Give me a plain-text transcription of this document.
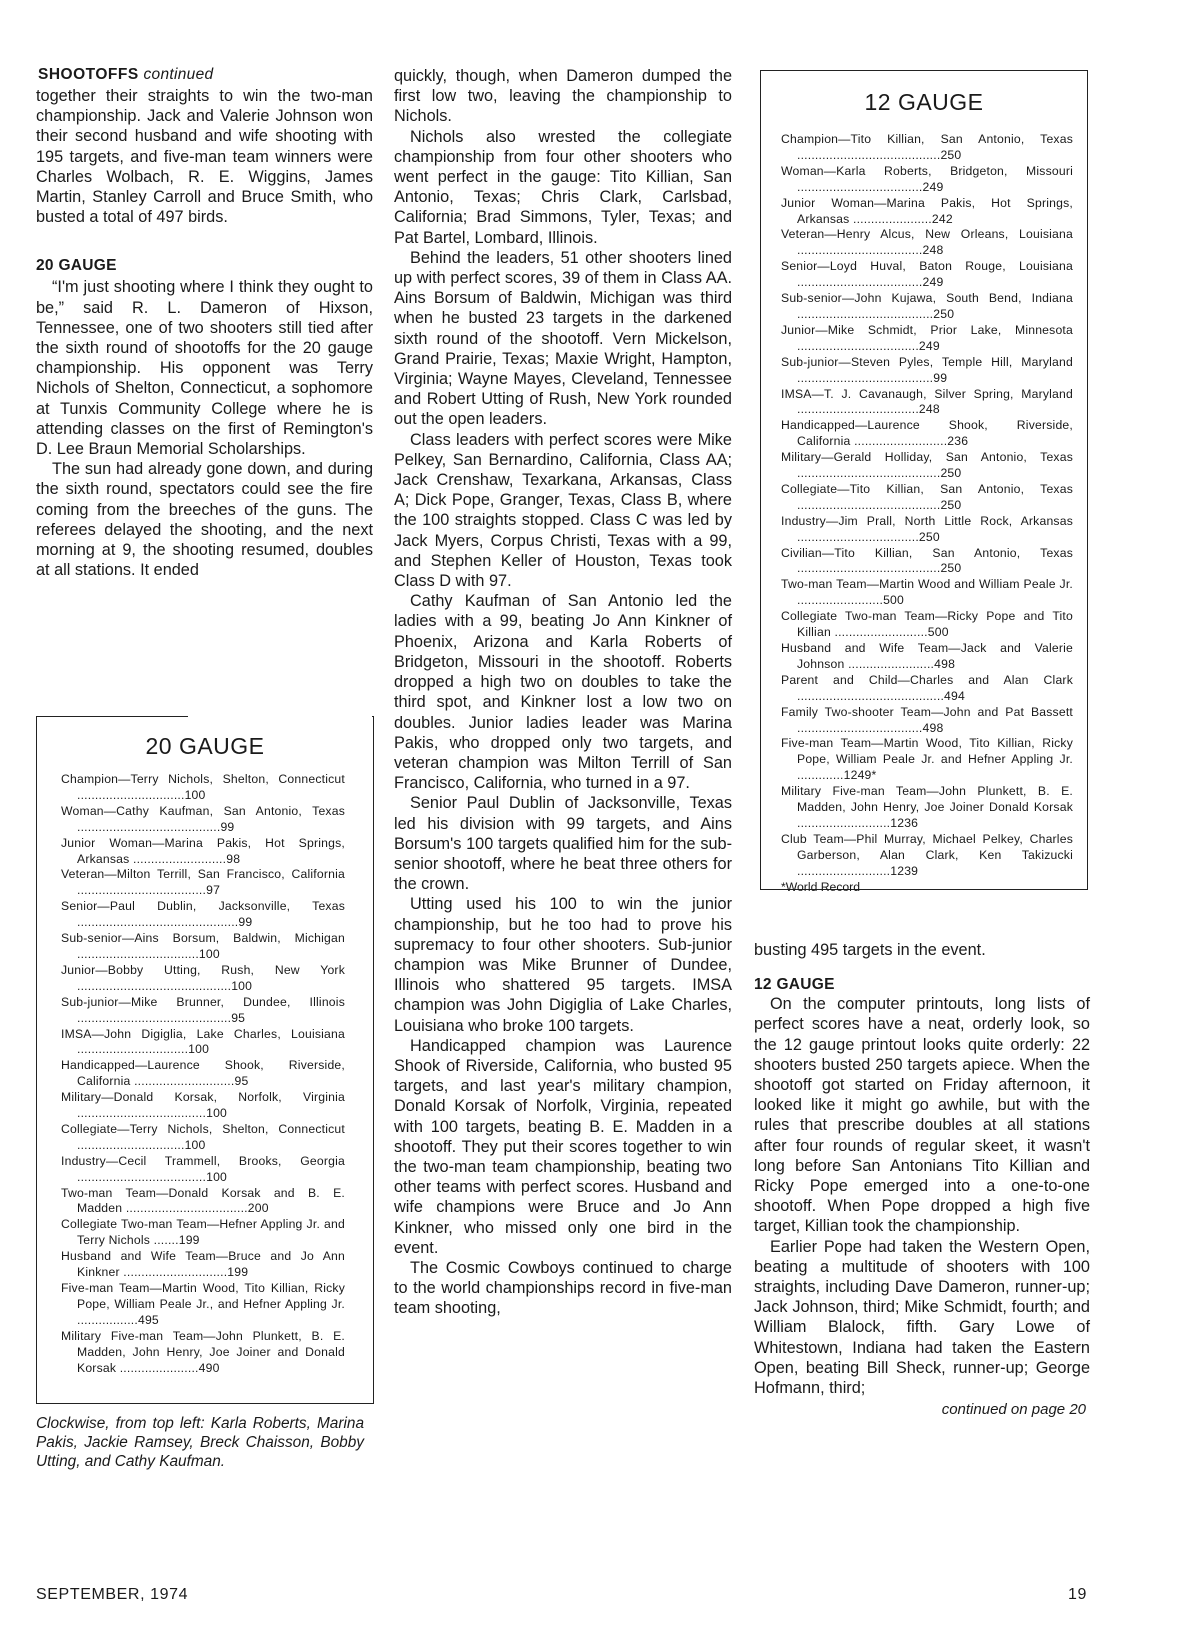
SHOOTOFFS continued

together their straights to win the two-man championship. Jack and Valerie Johnson won their second husband and wife shooting with 195 targets, and five-man team winners were Charles Wolbach, R. E. Wiggins, James Martin, Stanley Carroll and Bruce Smith, who busted a total of 497 birds.

20 GAUGE

“I'm just shooting where I think they ought to be,” said R. L. Dameron of Hixson, Tennessee, one of two shooters still tied after the sixth round of shootoffs for the 20 gauge championship. His opponent was Terry Nichols of Shelton, Connecticut, a sophomore at Tunxis Community College where he is attending classes on the first of Remington's D. Lee Braun Memorial Scholarships.

The sun had already gone down, and during the sixth round, spectators could see the fire coming from the breeches of the guns. The referees delayed the shooting, and the next morning at 9, the shooting resumed, doubles at all stations. It ended

20 GAUGE
Champion—Terry Nichols, Shelton, Connecticut ..............................100
Woman—Cathy Kaufman, San Antonio, Texas ........................................99
Junior Woman—Marina Pakis, Hot Springs, Arkansas ..........................98
Veteran—Milton Terrill, San Francisco, California ....................................97
Senior—Paul Dublin, Jacksonville, Texas .............................................99
Sub-senior—Ains Borsum, Baldwin, Michigan ..................................100
Junior—Bobby Utting, Rush, New York ...........................................100
Sub-junior—Mike Brunner, Dundee, Illinois ...........................................95
IMSA—John Digiglia, Lake Charles, Louisiana ...............................100
Handicapped—Laurence Shook, Riverside, California ............................95
Military—Donald Korsak, Norfolk, Virginia ....................................100
Collegiate—Terry Nichols, Shelton, Connecticut ..............................100
Industry—Cecil Trammell, Brooks, Georgia ....................................100
Two-man Team—Donald Korsak and B. E. Madden ..................................200
Collegiate Two-man Team—Hefner Appling Jr. and Terry Nichols .......199
Husband and Wife Team—Bruce and Jo Ann Kinkner .............................199
Five-man Team—Martin Wood, Tito Killian, Ricky Pope, William Peale Jr., and Hefner Appling Jr. .................495
Military Five-man Team—John Plunkett, B. E. Madden, John Henry, Joe Joiner and Donald Korsak ......................490
Clockwise, from top left: Karla Roberts, Marina Pakis, Jackie Ramsey, Breck Chaisson, Bobby Utting, and Cathy Kaufman.

quickly, though, when Dameron dumped the first low two, leaving the championship to Nichols.

Nichols also wrested the collegiate championship from four other shooters who went perfect in the gauge: Tito Killian, San Antonio, Texas; Chris Clark, Carlsbad, California; Brad Simmons, Tyler, Texas; and Pat Bartel, Lombard, Illinois.

Behind the leaders, 51 other shooters lined up with perfect scores, 39 of them in Class AA. Ains Borsum of Baldwin, Michigan was third when he busted 23 targets in the darkened sixth round of the shootoff. Vern Mickelson, Grand Prairie, Texas; Maxie Wright, Hampton, Virginia; Wayne Mayes, Cleveland, Tennessee and Robert Utting of Rush, New York rounded out the open leaders.

Class leaders with perfect scores were Mike Pelkey, San Bernardino, California, Class AA; Jack Crenshaw, Texarkana, Arkansas, Class A; Dick Pope, Granger, Texas, Class B, where the 100 straights stopped. Class C was led by Jack Myers, Corpus Christi, Texas with a 99, and Stephen Keller of Houston, Texas took Class D with 97.

Cathy Kaufman of San Antonio led the ladies with a 99, beating Jo Ann Kinkner of Phoenix, Arizona and Karla Roberts of Bridgeton, Missouri in the shootoff. Roberts dropped a high two on doubles to take the third spot, and Kinkner lost a low two on doubles. Junior ladies leader was Marina Pakis, who dropped only two targets, and veteran champion was Milton Terrill of San Francisco, California, who turned in a 97.

Senior Paul Dublin of Jacksonville, Texas led his division with 99 targets, and Ains Borsum's 100 targets qualified him for the sub-senior shootoff, where he beat three others for the crown.

Utting used his 100 to win the junior championship, but he too had to prove his supremacy to four other shooters. Sub-junior champion was Mike Brunner of Dundee, Illinois who shattered 95 targets. IMSA champion was John Digiglia of Lake Charles, Louisiana who broke 100 targets.

Handicapped champion was Laurence Shook of Riverside, California, who busted 95 targets, and last year's military champion, Donald Korsak of Norfolk, Virginia, repeated with 100 targets, beating B. E. Madden in a shootoff. They put their scores together to win the two-man team championship, beating two other teams with perfect scores. Husband and wife champions were Bruce and Jo Ann Kinkner, who missed only one bird in the event.

The Cosmic Cowboys continued to charge to the world championships record in five-man team shooting,

12 GAUGE
Champion—Tito Killian, San Antonio, Texas ........................................250
Woman—Karla Roberts, Bridgeton, Missouri ...................................249
Junior Woman—Marina Pakis, Hot Springs, Arkansas ......................242
Veteran—Henry Alcus, New Orleans, Louisiana ...................................248
Senior—Loyd Huval, Baton Rouge, Louisiana ...................................249
Sub-senior—John Kujawa, South Bend, Indiana ......................................250
Junior—Mike Schmidt, Prior Lake, Minnesota ..................................249
Sub-junior—Steven Pyles, Temple Hill, Maryland ......................................99
IMSA—T. J. Cavanaugh, Silver Spring, Maryland ..................................248
Handicapped—Laurence Shook, Riverside, California ..........................236
Military—Gerald Holliday, San Antonio, Texas ........................................250
Collegiate—Tito Killian, San Antonio, Texas ........................................250
Industry—Jim Prall, North Little Rock, Arkansas ..................................250
Civilian—Tito Killian, San Antonio, Texas ........................................250
Two-man Team—Martin Wood and William Peale Jr. ........................500
Collegiate Two-man Team—Ricky Pope and Tito Killian ..........................500
Husband and Wife Team—Jack and Valerie Johnson ........................498
Parent and Child—Charles and Alan Clark .........................................494
Family Two-shooter Team—John and Pat Bassett ...................................498
Five-man Team—Martin Wood, Tito Killian, Ricky Pope, William Peale Jr. and Hefner Appling Jr. .............1249*
Military Five-man Team—John Plunkett, B. E. Madden, John Henry, Joe Joiner Donald Korsak ..........................1236
Club Team—Phil Murray, Michael Pelkey, Charles Garberson, Alan Clark, Ken Takizucki ..........................1239
*World Record

busting 495 targets in the event.

12 GAUGE

On the computer printouts, long lists of perfect scores have a neat, orderly look, so the 12 gauge printout looks quite orderly: 22 shooters busted 250 targets apiece. When the shootoff got started on Friday afternoon, it looked like it might go awhile, but with the rules that prescribe doubles at all stations after four rounds of regular skeet, it wasn't long before San Antonians Tito Killian and Ricky Pope emerged into a one-to-one shootoff. When Pope dropped a high five target, Killian took the championship.

Earlier Pope had taken the Western Open, beating a multitude of shooters with 100 straights, including Dave Dameron, runner-up; Jack Johnson, third; Mike Schmidt, fourth; and William Blalock, fifth. Gary Lowe of Whitestown, Indiana had taken the Eastern Open, beating Bill Sheck, runner-up; George Hofmann, third;

continued on page 20
SEPTEMBER, 1974	19
